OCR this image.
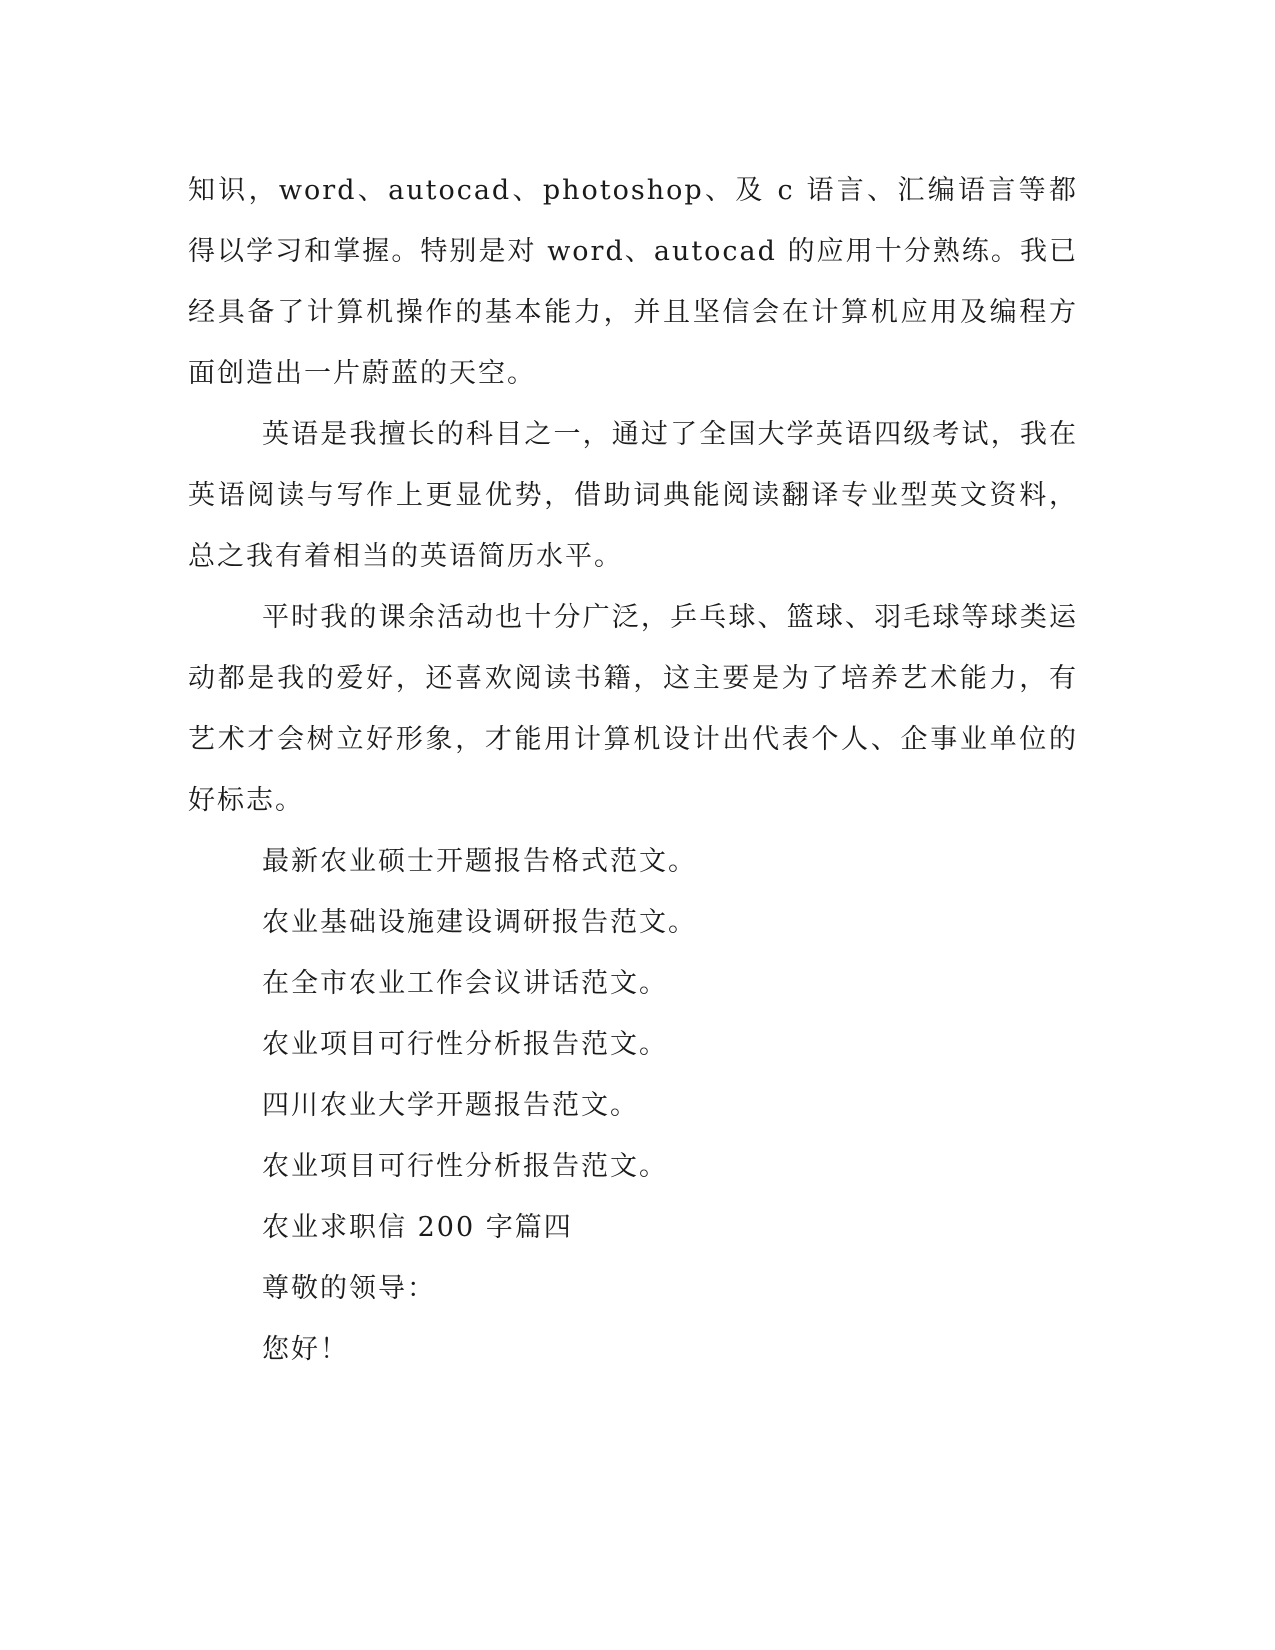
知识，word、autocad、photoshop、及 c 语言、汇编语言等都得以学习和掌握。特别是对 word、autocad 的应用十分熟练。我已经具备了计算机操作的基本能力，并且坚信会在计算机应用及编程方面创造出一片蔚蓝的天空。

英语是我擅长的科目之一，通过了全国大学英语四级考试，我在英语阅读与写作上更显优势，借助词典能阅读翻译专业型英文资料，总之我有着相当的英语简历水平。

平时我的课余活动也十分广泛，乒乓球、篮球、羽毛球等球类运动都是我的爱好，还喜欢阅读书籍，这主要是为了培养艺术能力，有艺术才会树立好形象，才能用计算机设计出代表个人、企事业单位的好标志。

最新农业硕士开题报告格式范文。

农业基础设施建设调研报告范文。

在全市农业工作会议讲话范文。

农业项目可行性分析报告范文。

四川农业大学开题报告范文。

农业项目可行性分析报告范文。

农业求职信 200 字篇四

尊敬的领导：

您好！
